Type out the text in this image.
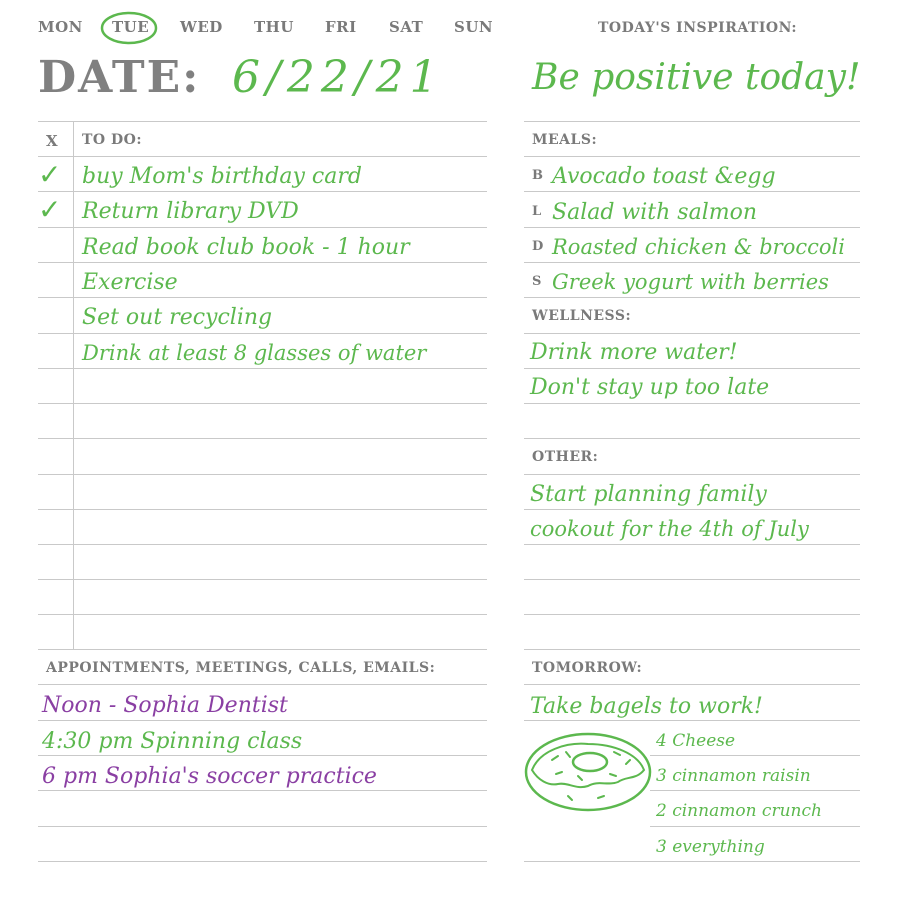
MON TUE WED THU FRI SAT SUN
DATE: 6/22/21
TODAY'S INSPIRATION:
Be positive today!
X TO DO:
✓
✓
buy Mom's birthday card
Return library DVD
Read book club book - 1 hour
Exercise
Set out recycling
Drink at least 8 glasses of water
APPOINTMENTS, MEETINGS, CALLS, EMAILS:
Noon - Sophia Dentist
4:30 pm Spinning class
6 pm Sophia's soccer practice
MEALS:
B Avocado toast &egg
L Salad with salmon
D Roasted chicken & broccoli
S Greek yogurt with berries
WELLNESS:
Drink more water!
Don't stay up too late
OTHER:
Start planning family
cookout for the 4th of July
TOMORROW:
Take bagels to work!
4 Cheese
3 cinnamon raisin
2 cinnamon crunch
3 everything
